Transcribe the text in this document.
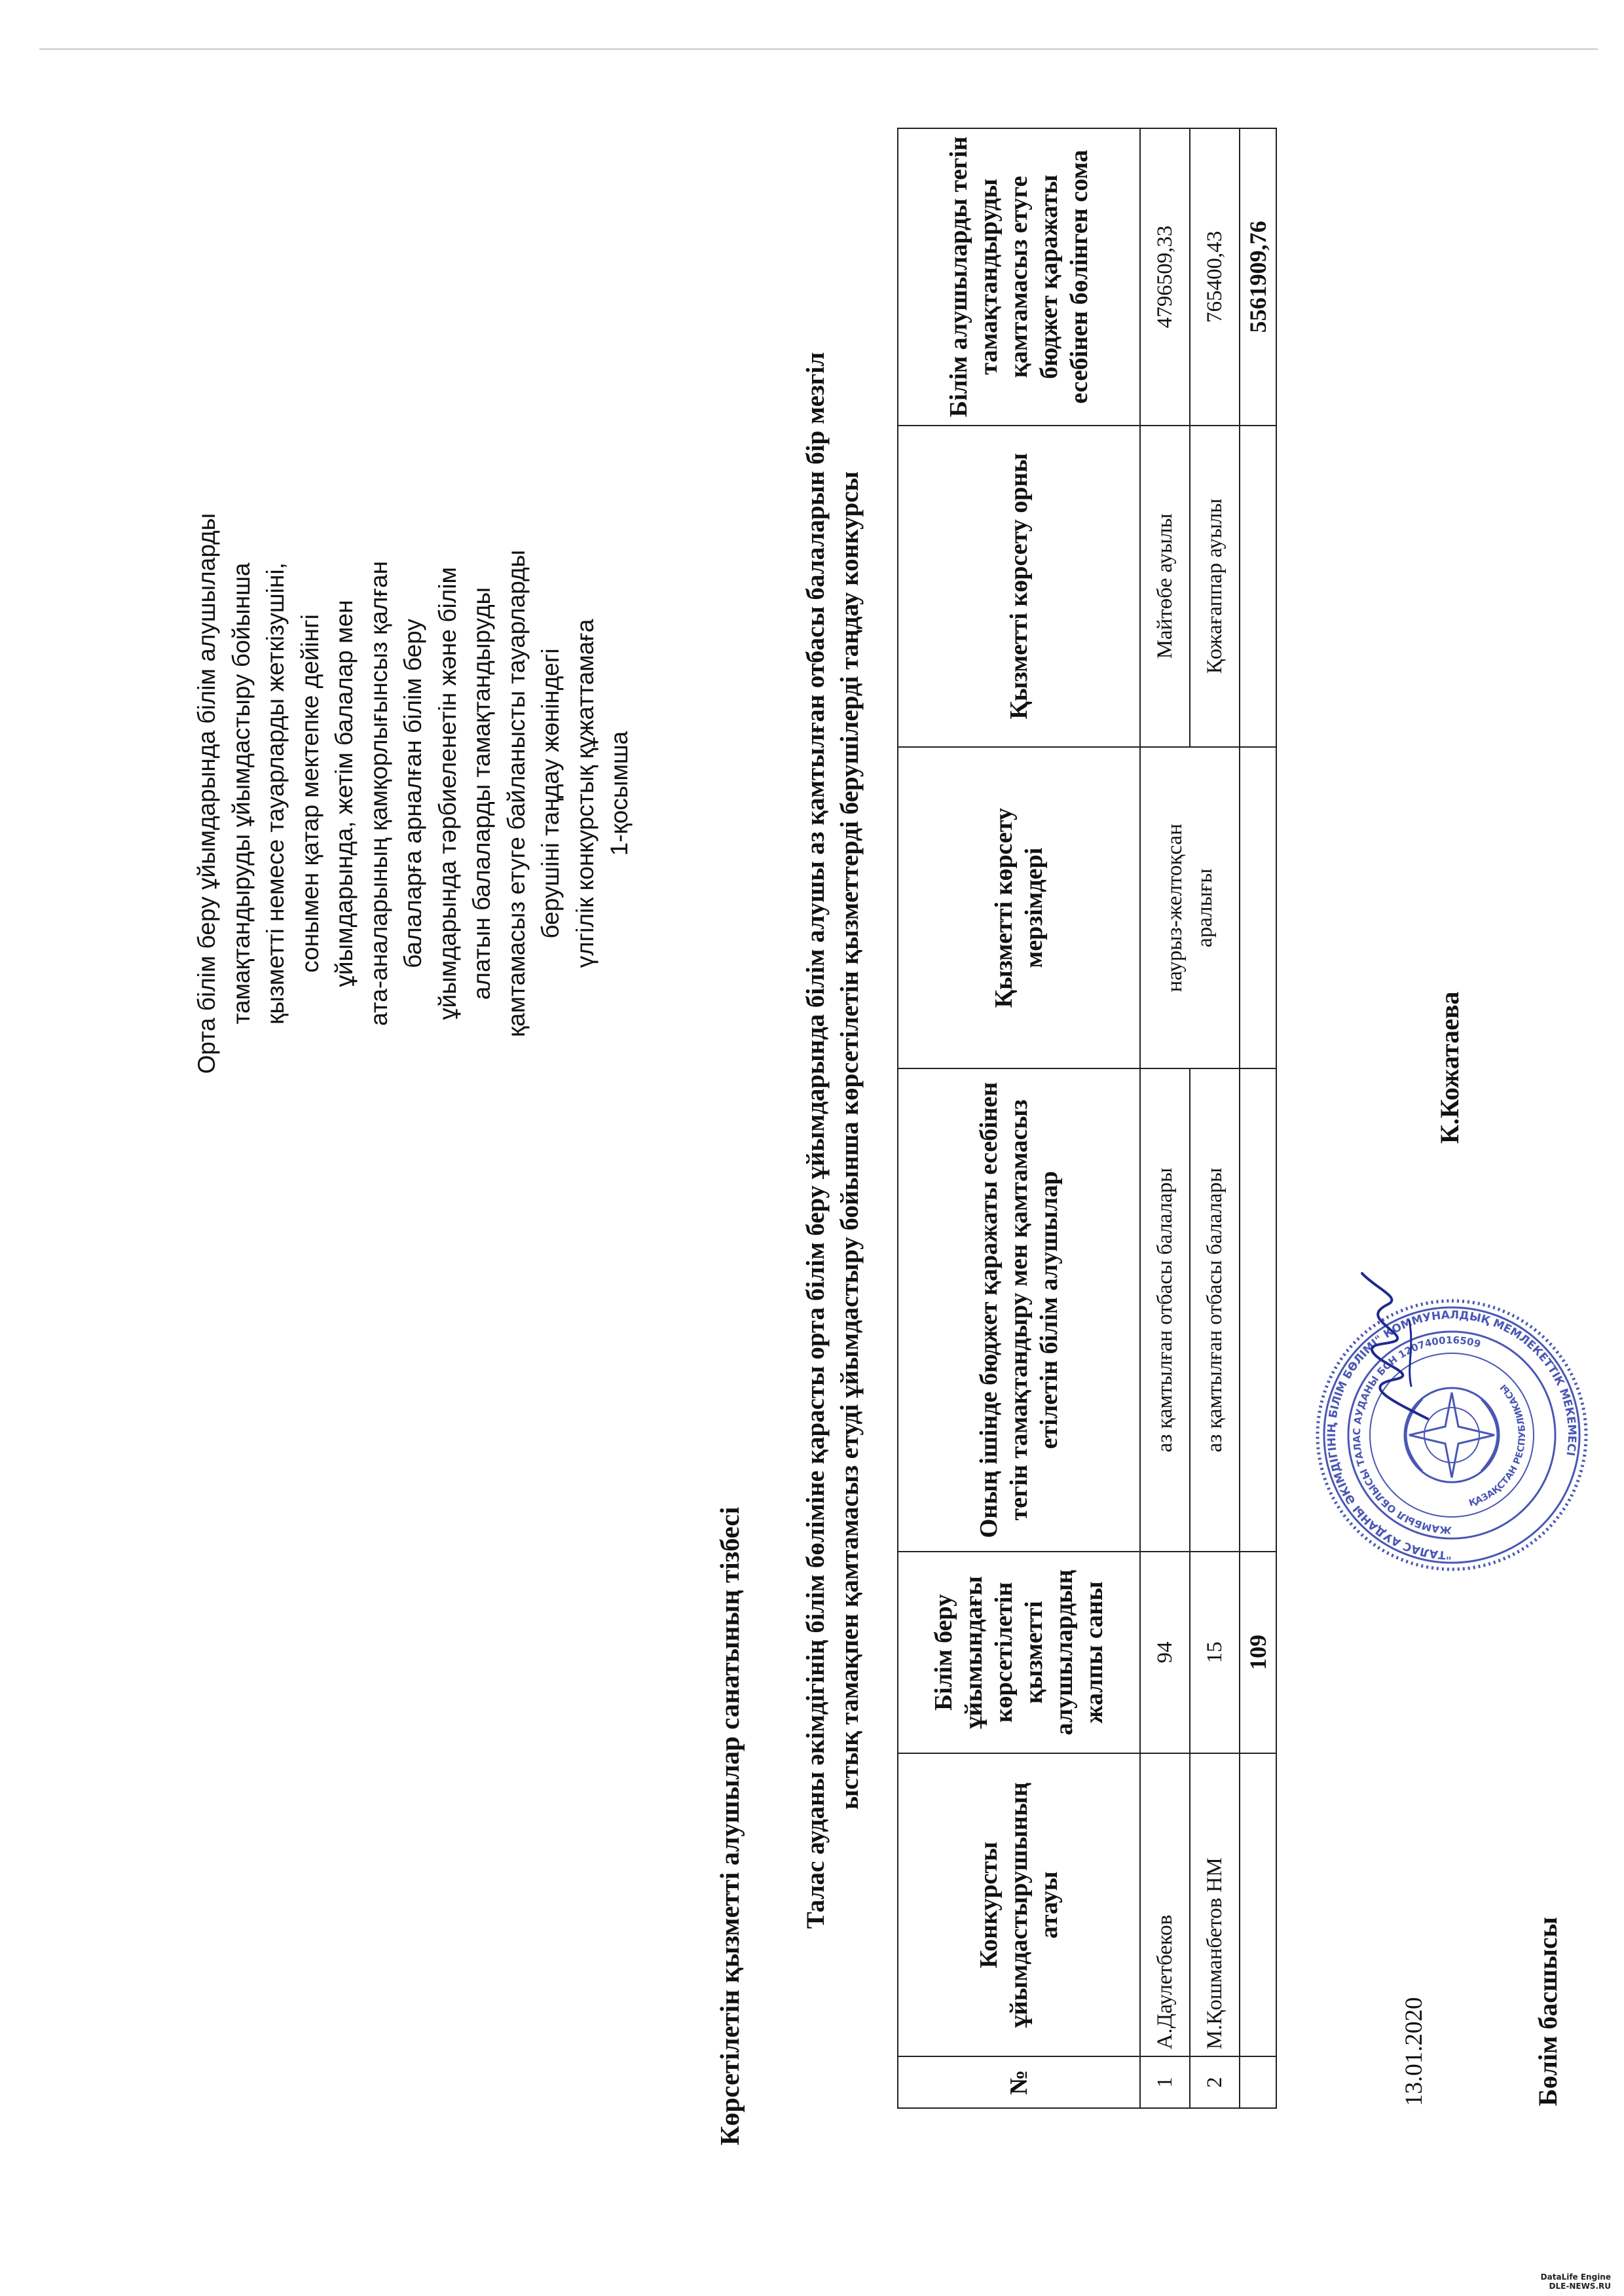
Орта білім беру ұйымдарында білім алушыларды тамақтандыруды ұйымдастыру бойынша қызметті немесе тауарларды жеткізушіні, сонымен қатар мектепке дейінгі ұйымдарында, жетім балалар мен ата-аналарының қамқорлығынсыз қалған балаларға арналған білім беру ұйымдарында тәрбиеленетін және білім алатын балаларды тамақтандыруды қамтамасыз етуге байланысты тауарларды берушіні таңдау жөніндегі үлгілік конкурстық құжаттамаға 1-қосымша
Көрсетілетін қызметті алушылар санатының тізбесі Талас ауданы әкімдігінің білім бөліміне қарасты орта білім беру ұйымдарында білім алушы аз қамтылған отбасы балаларын бір мезгіл ыстық тамақпен қамтамасыз етуді ұйымдастыру бойынша көрсетілетін қызметтерді берушілерді таңдау конкурсы
№	Конкурсты ұйымдастырушының атауы	Білім беру ұйымындағы көрсетілетін қызметті алушылардың жалпы саны	Оның ішінде бюджет қаражаты есебінен тегін тамақтандыру мен қамтамасыз етілетін білім алушылар	Қызметті көрсету мерзімдері	Қызметті көрсету орны	Білім алушыларды тегін тамақтандыруды қамтамасыз етуге бюджет қаражаты есебінен бөлінген сома
1	А.Даулетбеков	94	аз қамтылған отбасы балалары	наурыз-желтоқсан аралығы	Майтөбе ауылы	4796509,33
2	М.Қошманбетов НМ	15	аз қамтылған отбасы балалары		Қожағаппар ауылы	765400,43
		109				5561909,76
13.01.2020	Бөлім басшысы
К.Кожатаева
"ТАЛАС АУДАНЫ ӘКІМДІГІНІҢ БІЛІМ БӨЛІМІ" КОММУНАЛДЫҚ МЕМЛЕКЕТТІК МЕКЕМЕСІ
ЖАМБЫЛ ОБЛЫСЫ ТАЛАС АУДАНЫ БСН 120740016509
ҚАЗАҚСТАН РЕСПУБЛИКАСЫ
DataLife Engine
DLE-NEWS.RU
